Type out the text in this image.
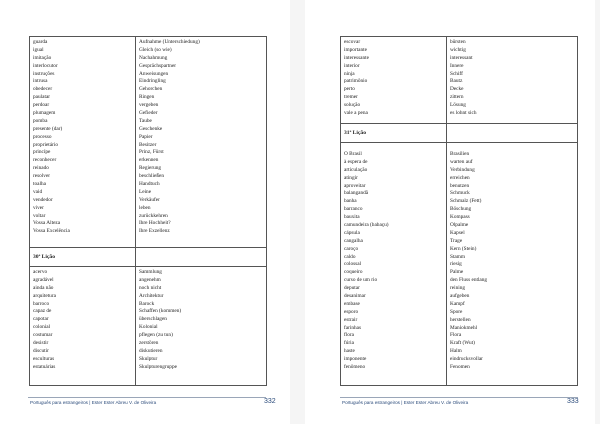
guarda
igual
imitação
interlocutor
instruções
intrusa
obedecer
paulatar
perdoar
plumagem
pomba
presente (dar)
processo
proprietário
princípe
reconhecer
reinado
resolver
toalha
vaid
vendedor
viver
voltar
Vossa Alteza
Vossa Excelência
acervo
agradável
ainda não
arquitetura
barroco
capaz de
capotar
colonial
costumar
desistir
discutir
esculturas
estatuárias
Aufnahme (Unterschiedung)
Gleich (so wie)
Nachahmung
Gesprächspartner
Anweisungen
Eindringling
Gehorchen
Ringen
vergeben
Gefieder
Taube
Geschenke
Papier
Besitzer
Prinz, Fürst
erkennen
Regierung
beschließen
Handtuch
Leine
Verkäufer
leben
zurückkehren
Ihre Hochheit?
Ihre Exzellenz
Sammlung
angenehm
noch nicht
Architektur
Barock
Schaffen (kommen)
überschlagen
Kolonial
pflegen (zu tun)
zerstören
diskutieren
Skulptur
Skulpturengruppe
30ª Lição
Português para estrangeiros | Ester Ester Abreu V. de Oliveira	332
escovar
importante
interessante
interior
ninja
patrimônio
perto
tremer
solução
vale a pena
O Brasil
à espera de
articulação
atingir
aproveitar
balangandã
banha
barranco
bauxita
camundeira (babaçu)
cápsula
cangalha
caroço
caldo
colossal
coqueiro
curso de um rio
deputar
desanimar
embase
esporo
estrair
farinhas
flora
fúria
haste
imponente
fenômeno
bürsten
wichtig
interessant
Innere
Schiff
Bautz
Decke
zittern
Lösung
es lohnt sich
Brasilien
warten auf
Verbindung
erreichen
benutzen
Schmuck
Schmalz (Fett)
Böschung
Kompass
Ölpalme
Kapsel
Trage
Kern (Stein)
Stamm
riesig
Palme
den Fluss entlang
reining
aufgeben
Kampf
Spore
herstellen
Maniokmehl
Flora
Kraft (Wut)
Halm
eindrucksvollar
Fenomen
31ª Lição
Português para estrangeiros | Ester Ester Abreu V. de Oliveira	333
